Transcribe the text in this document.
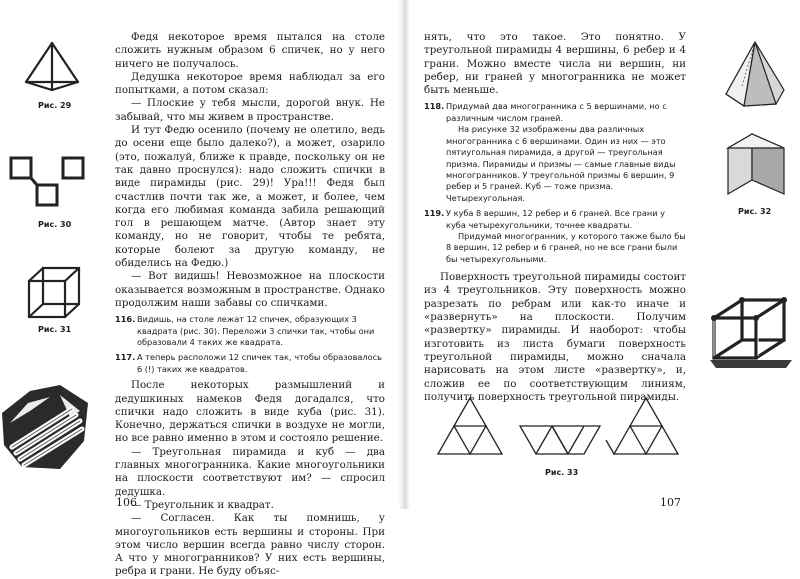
Рис. 29
Рис. 30
Рис. 31

Федя некоторое время пытался на столе сложить нужным образом 6 спичек, но у него ничего не получалось.

Дедушка некоторое время наблюдал за его попытками, а потом сказал:

— Плоские у тебя мысли, дорогой внук. Не забывай, что мы живем в пространстве.

И тут Федю осенило (почему не олетило, ведь до осени еще было далеко?), а может, озарило (это, пожалуй, ближе к правде, поскольку он не так давно проснулся): надо сложить спички в виде пирамиды (рис. 29)! Ура!!! Федя был счастлив почти так же, а может, и более, чем когда его любимая команда забила решающий гол в решающем матче. (Автор знает эту команду, но не говорит, чтобы те ребята, которые болеют за другую команду, не обиделись на Федю.)

— Вот видишь! Невозможное на плоскости оказывается возможным в пространстве. Однако продолжим наши забавы со спичками.

116. Видишь, на столе лежат 12 спичек, образующих 3 квадрата (рис. 30). Переложи 3 спички так, чтобы они образовали 4 таких же квадрата.

117. А теперь расположи 12 спичек так, чтобы образовалось 6 (!) таких же квадратов.

После некоторых размышлений и дедушкиных намеков Федя догадался, что спички надо сложить в виде куба (рис. 31). Конечно, держаться спички в воздухе не могли, но все равно именно в этом и состояло решение.

— Треугольная пирамида и куб — два главных многогранника. Какие многоугольники на плоскости соответствуют им? — спросил дедушка.

— Треугольник и квадрат.

— Согласен. Как ты помнишь, у многоугольников есть вершины и стороны. При этом число вершин всегда равно числу сторон. А что у многогранников? У них есть вершины, ребра и грани. Не буду объяс-

106

нять, что это такое. Это понятно. У треугольной пирамиды 4 вершины, 6 ребер и 4 грани. Можно вместе числа ни вершин, ни ребер, ни граней у многогранника не может быть меньше.

118. Придумай два многогранника с 5 вершинами, но с различным числом граней.

На рисунке 32 изображены два различных многогранника с 6 вершинами. Один из них — это пятиугольная пирамида, а другой — треугольная призма. Пирамиды и призмы — самые главные виды многогранников. У треугольной призмы 6 вершин, 9 ребер и 5 граней. Куб — тоже призма. Четырехугольная.

119. У куба 8 вершин, 12 ребер и 6 граней. Все грани у куба четырехугольники, точнее квадраты.

Придумай многогранник, у которого также было бы 8 вершин, 12 ребер и 6 граней, но не все грани были бы четырехугольными.

Поверхность треугольной пирамиды состоит из 4 треугольников. Эту поверхность можно разрезать по ребрам или как-то иначе и «развернуть» на плоскости. Получим «развертку» пирамиды. И наоборот: чтобы изготовить из листа бумаги поверхность треугольной пирамиды, можно сначала нарисовать на этом листе «развертку», и, сложив ее по соответствующим линиям, получить поверхность треугольной пирамиды.

Рис. 33
107
Рис. 32
